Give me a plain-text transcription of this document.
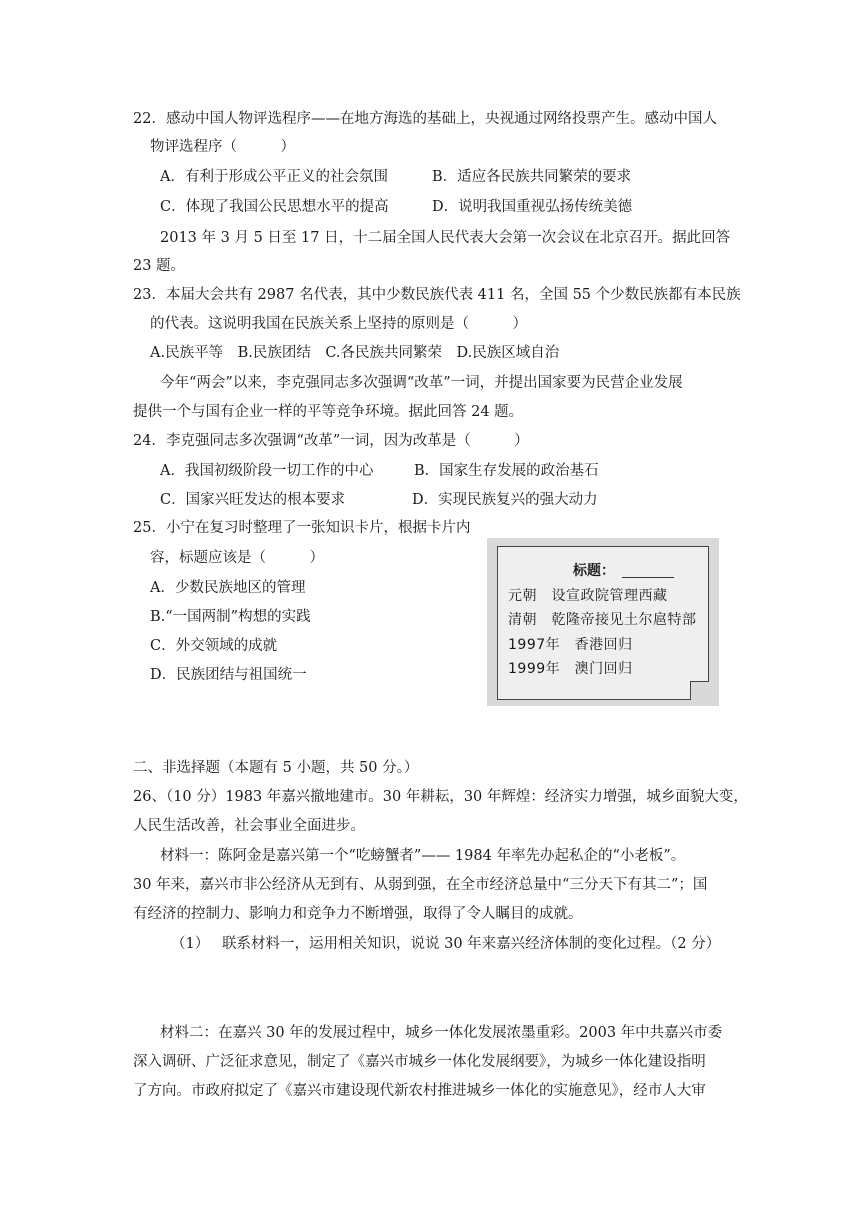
22．感动中国人物评选程序——在地方海选的基础上，央视通过网络投票产生。感动中国人
物评选程序（　　　）
A．有利于形成公平正义的社会氛围	B．适应各民族共同繁荣的要求
C．体现了我国公民思想水平的提高	D．说明我国重视弘扬传统美德
2013 年 3 月 5 日至 17 日，十二届全国人民代表大会第一次会议在北京召开。据此回答
23 题。
23．本届大会共有 2987 名代表，其中少数民族代表 411 名，全国 55 个少数民族都有本民族
的代表。这说明我国在民族关系上坚持的原则是（　　　）
A.民族平等　B.民族团结　C.各民族共同繁荣　D.民族区域自治
今年“两会”以来，李克强同志多次强调“改革”一词，并提出国家要为民营企业发展
提供一个与国有企业一样的平等竞争环境。据此回答 24 题。
24．李克强同志多次强调“改革”一词，因为改革是（　　　）
A．我国初级阶段一切工作的中心	B．国家生存发展的政治基石
C．国家兴旺发达的根本要求	D．实现民族复兴的强大动力
25．小宁在复习时整理了一张知识卡片，根据卡片内
容，标题应该是（　　　）
A．少数民族地区的管理
B.“一国两制”构想的实践
C．外交领域的成就
D．民族团结与祖国统一
标题：
元朝　设宣政院管理西藏
清朝　乾隆帝接见土尔扈特部
1997年　香港回归
1999年　澳门回归
二、非选择题（本题有 5 小题，共 50 分。）
26、（10 分）1983 年嘉兴撤地建市。30 年耕耘，30 年辉煌：经济实力增强，城乡面貌大变，
人民生活改善，社会事业全面进步。
材料一：陈阿金是嘉兴第一个“吃螃蟹者”—— 1984 年率先办起私企的“小老板”。
30 年来，嘉兴市非公经济从无到有、从弱到强，在全市经济总量中“三分天下有其二”；国
有经济的控制力、影响力和竞争力不断增强，取得了令人瞩目的成就。
（1） 联系材料一，运用相关知识，说说 30 年来嘉兴经济体制的变化过程。（2 分）
材料二：在嘉兴 30 年的发展过程中，城乡一体化发展浓墨重彩。2003 年中共嘉兴市委
深入调研、广泛征求意见，制定了《嘉兴市城乡一体化发展纲要》，为城乡一体化建设指明
了方向。市政府拟定了《嘉兴市建设现代新农村推进城乡一体化的实施意见》，经市人大审
